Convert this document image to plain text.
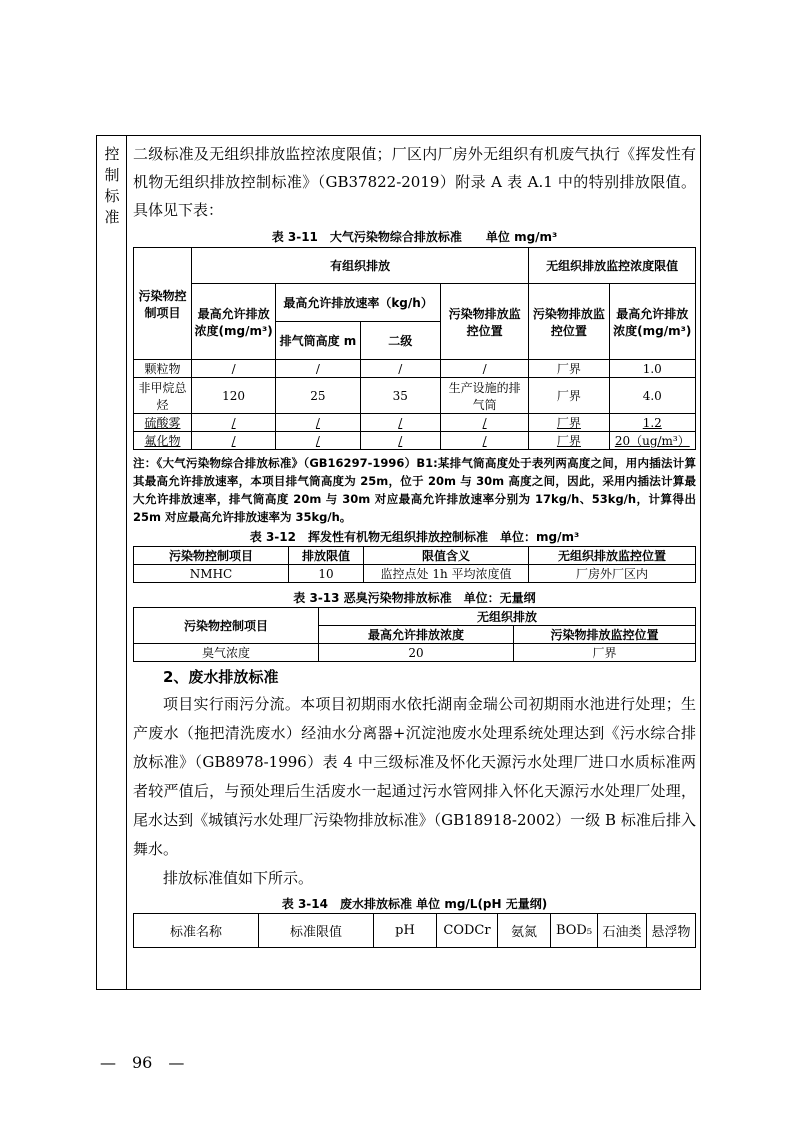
控
制
标
准

二级标准及无组织排放监控浓度限值；厂区内厂房外无组织有机废气执行《挥发性有机物无组织排放控制标准》（GB37822-2019）附录 A 表 A.1 中的特别排放限值。具体见下表：

表 3-11　大气污染物综合排放标准　　单位 mg/m³

污染物控制项目	有组织排放				无组织排放监控浓度限值	
	最高允许排放浓度(mg/m³)	最高允许排放速率（kg/h）		污染物排放监控位置	污染物排放监控位置	最高允许排放浓度(mg/m³)
		排气筒高度 m	二级			
颗粒物	/	/	/	/	厂界	1.0
非甲烷总烃	120	25	35	生产设施的排气筒	厂界	4.0
硫酸雾	/	/	/	/	厂界	1.2
氟化物	/	/	/	/	厂界	20（ug/m³）

注：《大气污染物综合排放标准》（GB16297-1996）B1:某排气筒高度处于表列两高度之间，用内插法计算其最高允许排放速率，本项目排气筒高度为 25m，位于 20m 与 30m 高度之间，因此，采用内插法计算最大允许排放速率，排气筒高度 20m 与 30m 对应最高允许排放速率分别为 17kg/h、53kg/h，计算得出 25m 对应最高允许排放速率为 35kg/h。

表 3-12　挥发性有机物无组织排放控制标准　单位：mg/m³

污染物控制项目	排放限值	限值含义	无组织排放监控位置
NMHC	10	监控点处 1h 平均浓度值	厂房外厂区内

表 3-13 恶臭污染物排放标准　单位：无量纲

污染物控制项目	无组织排放	
	最高允许排放浓度	污染物排放监控位置
臭气浓度	20	厂界

2、废水排放标准

项目实行雨污分流。本项目初期雨水依托湖南金瑞公司初期雨水池进行处理；生产废水（拖把清洗废水）经油水分离器+沉淀池废水处理系统处理达到《污水综合排放标准》（GB8978-1996）表 4 中三级标准及怀化天源污水处理厂进口水质标准两者较严值后，与预处理后生活废水一起通过污水管网排入怀化天源污水处理厂处理，尾水达到《城镇污水处理厂污染物排放标准》（GB18918-2002）一级 B 标准后排入舞水。

排放标准值如下所示。

表 3-14　废水排放标准 单位 mg/L(pH 无量纲)

标准名称	标准限值	pH	CODCr	氨氮	BOD₅	石油类	悬浮物
—　96　—
